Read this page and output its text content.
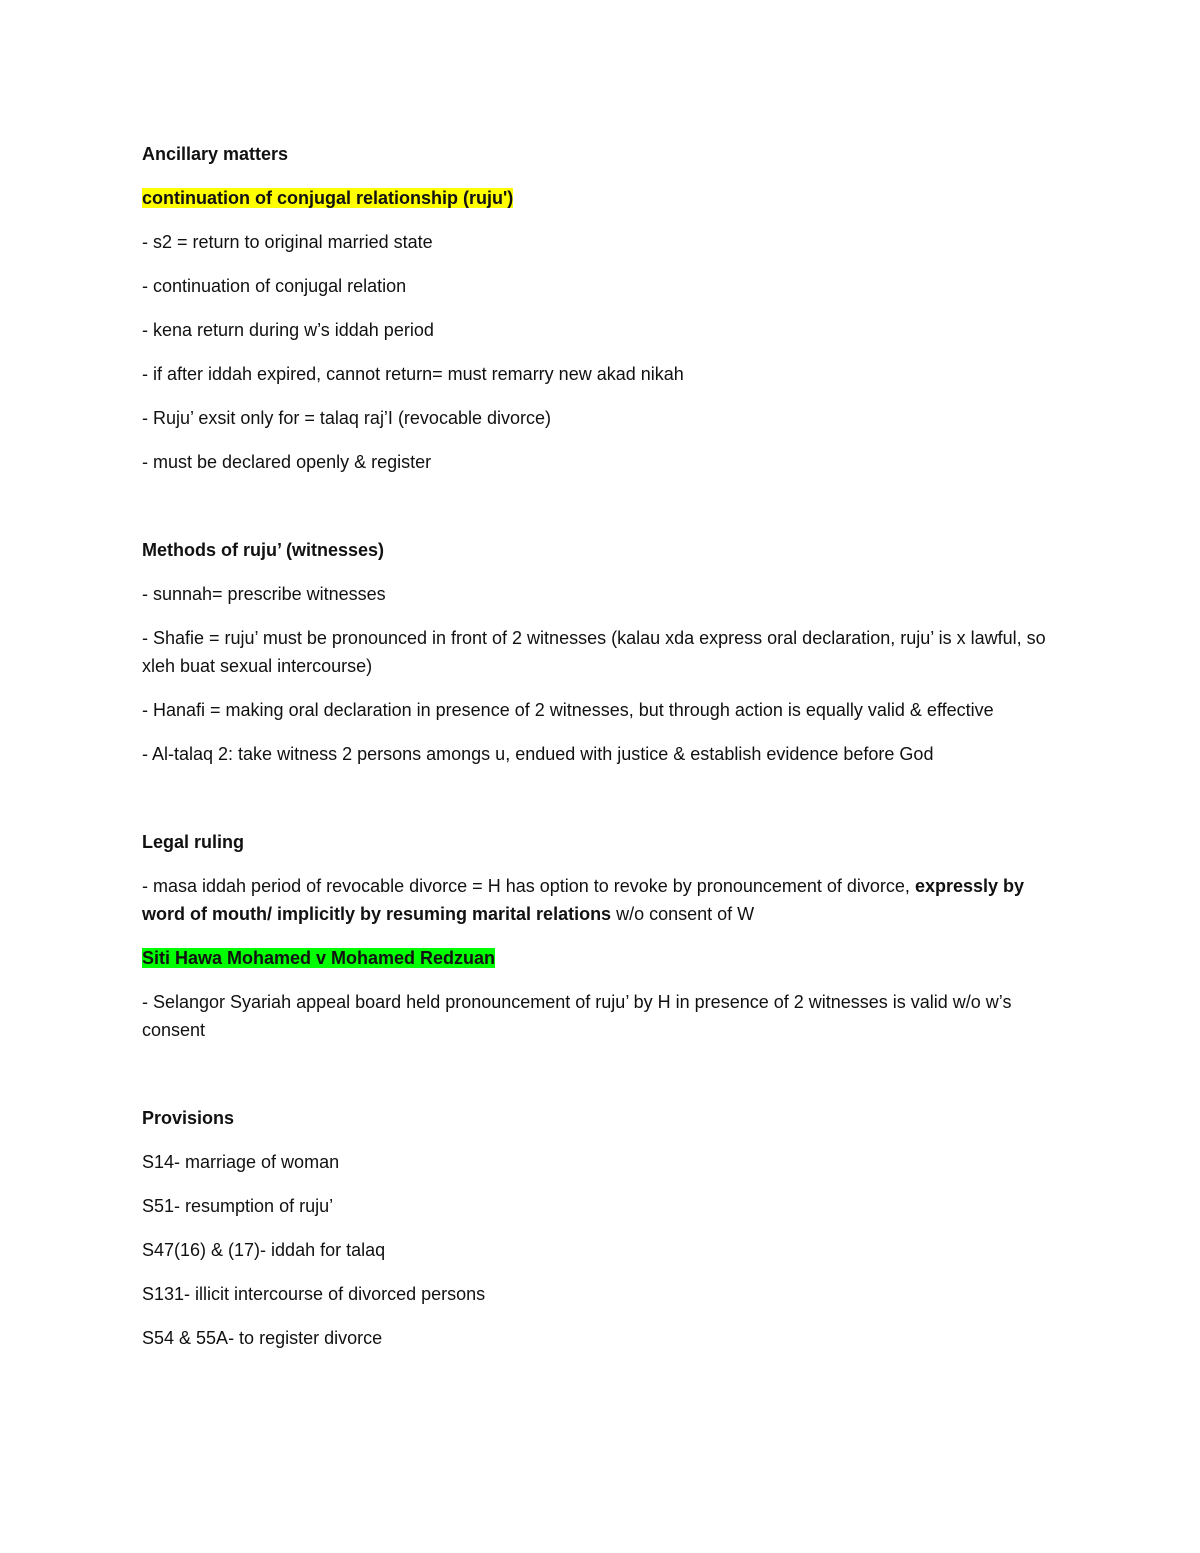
Ancillary matters

continuation of conjugal relationship (ruju')

- s2 = return to original married state

- continuation of conjugal relation

- kena return during w’s iddah period

- if after iddah expired, cannot return= must remarry new akad nikah

- Ruju’ exsit only for = talaq raj’I (revocable divorce)

- must be declared openly & register

Methods of ruju’ (witnesses)

- sunnah= prescribe witnesses

- Shafie = ruju’ must be pronounced in front of 2 witnesses (kalau xda express oral declaration, ruju’ is x lawful, so xleh buat sexual intercourse)

- Hanafi = making oral declaration in presence of 2 witnesses, but through action is equally valid & effective

- Al-talaq 2: take witness 2 persons amongs u, endued with justice & establish evidence before God

Legal ruling

- masa iddah period of revocable divorce = H has option to revoke by pronouncement of divorce, expressly by word of mouth/ implicitly by resuming marital relations w/o consent of W

Siti Hawa Mohamed v Mohamed Redzuan

- Selangor Syariah appeal board held pronouncement of ruju’ by H in presence of 2 witnesses is valid w/o w’s consent

Provisions

S14- marriage of woman

S51- resumption of ruju’

S47(16) & (17)- iddah for talaq

S131- illicit intercourse of divorced persons

S54 & 55A- to register divorce
